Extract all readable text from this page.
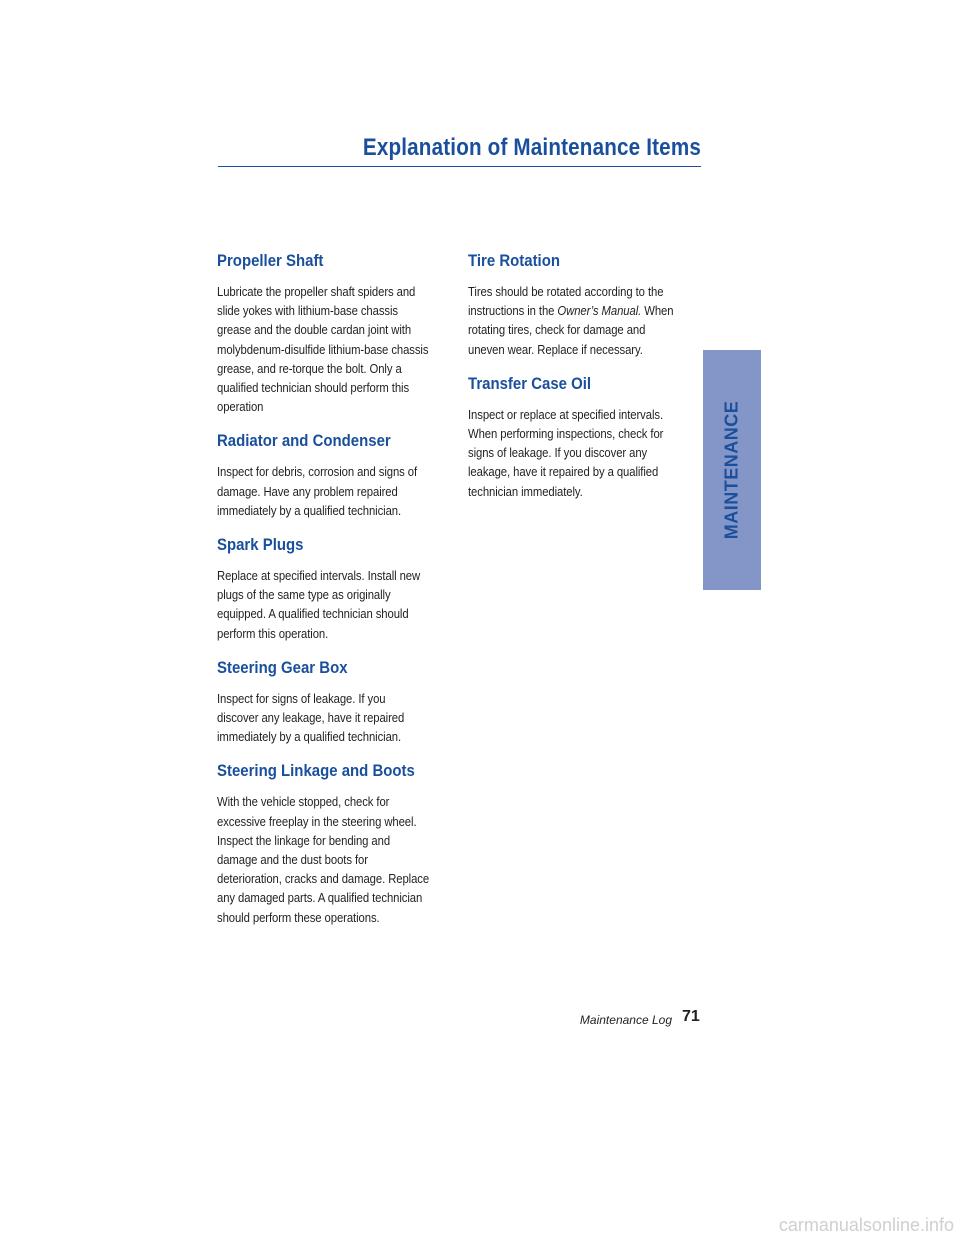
Explanation of Maintenance Items
Propeller Shaft

Lubricate the propeller shaft spiders and
slide yokes with lithium-base chassis
grease and the double cardan joint with
molybdenum-disulfide lithium-base chassis
grease, and re-torque the bolt. Only a
qualified technician should perform this
operation

Radiator and Condenser

Inspect for debris, corrosion and signs of
damage. Have any problem repaired
immediately by a qualified technician.

Spark Plugs

Replace at specified intervals. Install new
plugs of the same type as originally
equipped. A qualified technician should
perform this operation.

Steering Gear Box

Inspect for signs of leakage. If you
discover any leakage, have it repaired
immediately by a qualified technician.

Steering Linkage and Boots

With the vehicle stopped, check for
excessive freeplay in the steering wheel.
Inspect the linkage for bending and
damage and the dust boots for
deterioration, cracks and damage. Replace
any damaged parts. A qualified technician
should perform these operations.

Tire Rotation

Tires should be rotated according to the
instructions in the Owner’s Manual. When
rotating tires, check for damage and
uneven wear. Replace if necessary.

Transfer Case Oil

Inspect or replace at specified intervals.
When performing inspections, check for
signs of leakage. If you discover any
leakage, have it repaired by a qualified
technician immediately.	MAINTENANCE
Maintenance Log 71
carmanualsonline.info
